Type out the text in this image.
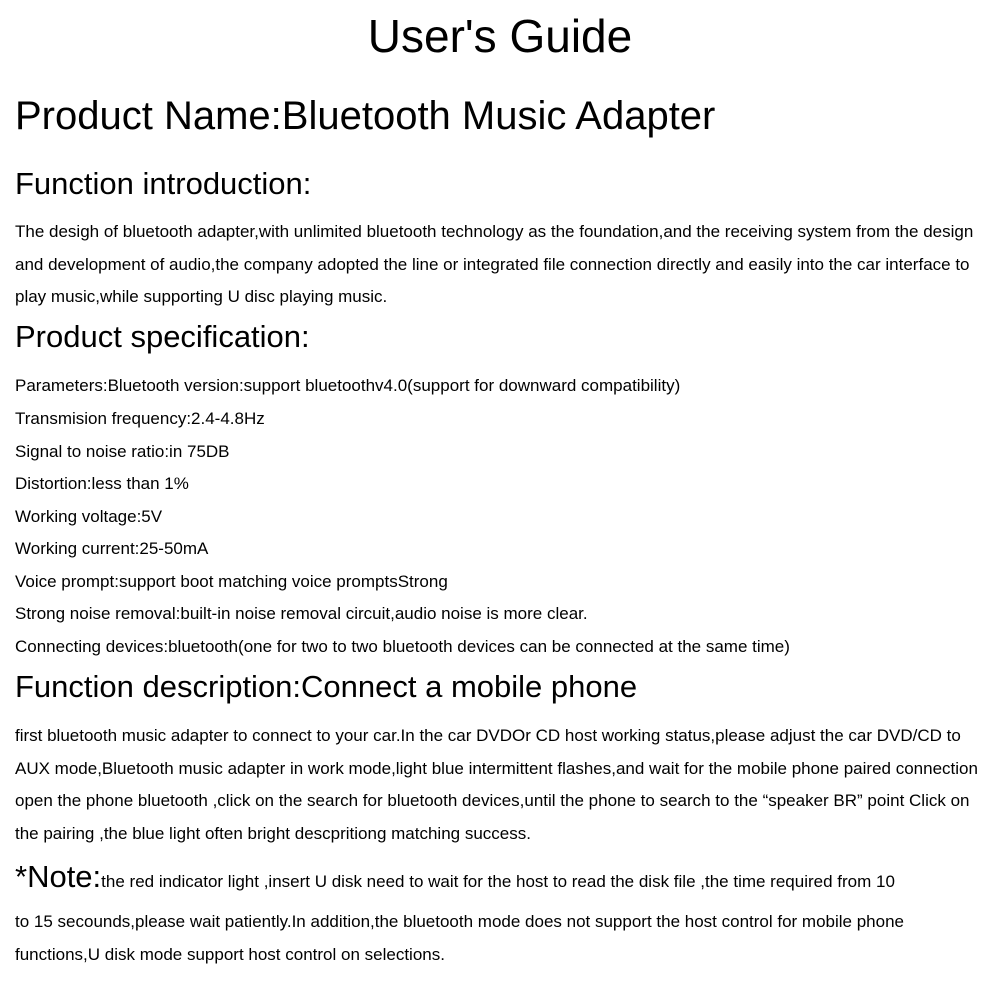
User's Guide
Product Name:Bluetooth Music Adapter
Function introduction:
The desigh of bluetooth adapter,with unlimited bluetooth technology as the foundation,and the receiving system from the design and development of audio,the company adopted the line or integrated file connection directly and easily into the car interface to play music,while supporting U disc playing music.
Product specification:
Parameters:Bluetooth version:support bluetoothv4.0(support for downward compatibility)
Transmision frequency:2.4-4.8Hz
Signal to noise ratio:in 75DB
Distortion:less than 1%
Working voltage:5V
Working current:25-50mA
Voice prompt:support boot matching voice promptsStrong
Strong noise removal:built-in noise removal circuit,audio noise is more clear.
Connecting devices:bluetooth(one for two to two bluetooth devices can be connected at the same time)
Function description:Connect a mobile phone
first bluetooth music adapter to connect to your car.In the car DVDOr CD host working status,please adjust the car DVD/CD to AUX mode,Bluetooth music adapter in work mode,light blue intermittent flashes,and wait for the mobile phone paired connection open the phone bluetooth ,click on the search for bluetooth devices,until the phone to search to the “speaker BR” point Click on the pairing ,the blue light often bright descpritiong matching success.
*Note:the red indicator light ,insert U disk need to wait for the host to read the disk file ,the time required from 10
to 15 secounds,please wait patiently.In addition,the bluetooth mode does not support the host control for mobile phone functions,U disk mode support host control on selections.
